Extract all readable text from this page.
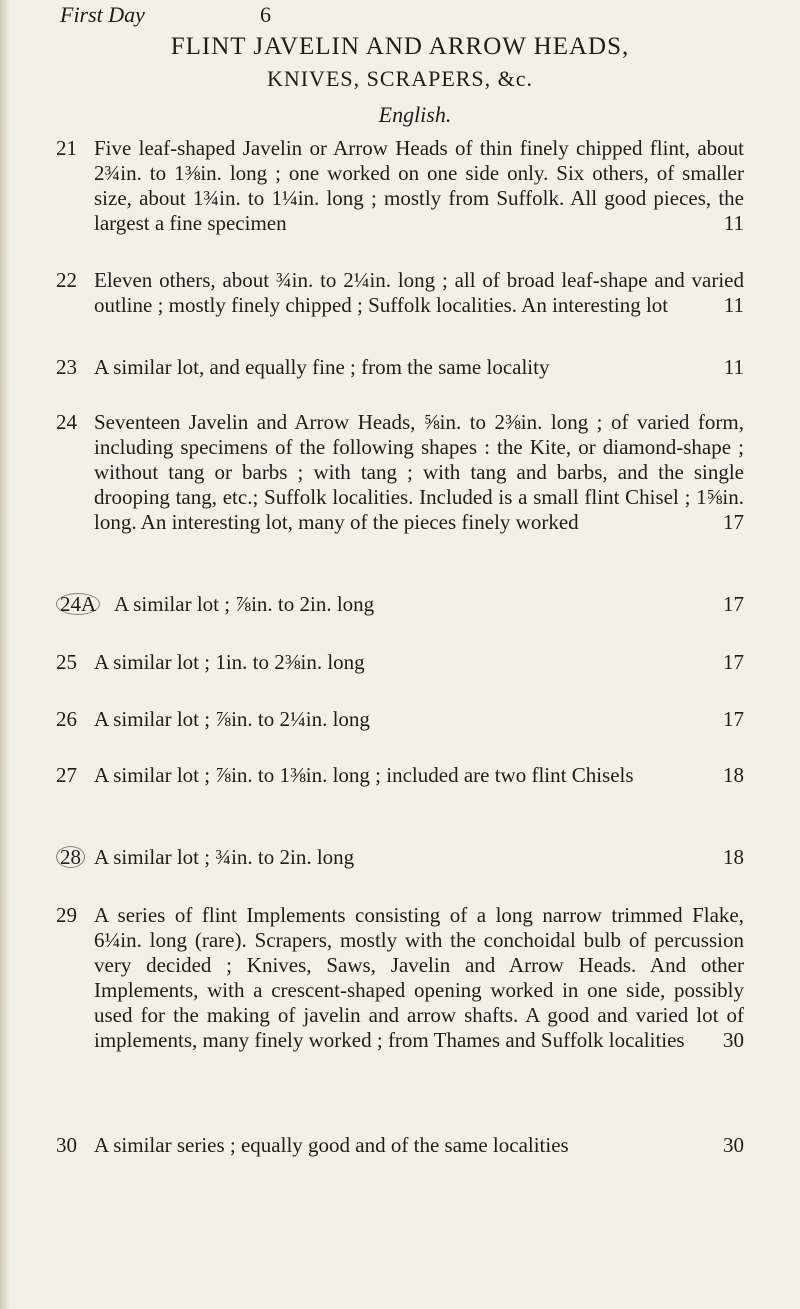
First Day	6
FLINT JAVELIN AND ARROW HEADS,
KNIVES, SCRAPERS, &c.
English.
21 Five leaf-shaped Javelin or Arrow Heads of thin finely chipped flint, about 2¾in. to 1⅜in. long ; one worked on one side only. Six others, of smaller size, about 1¾in. to 1¼in. long ; mostly from Suffolk. All good pieces, the largest a fine specimen	11
22 Eleven others, about ¾in. to 2¼in. long ; all of broad leaf-shape and varied outline ; mostly finely chipped ; Suffolk localities. An interesting lot	11
23 A similar lot, and equally fine ; from the same locality	11
24 Seventeen Javelin and Arrow Heads, ⅝in. to 2⅜in. long ; of varied form, including specimens of the following shapes : the Kite, or diamond-shape ; without tang or barbs ; with tang ; with tang and barbs, and the single drooping tang, etc.; Suffolk localities. Included is a small flint Chisel ; 1⅝in. long. An interesting lot, many of the pieces finely worked	17
24A A similar lot ; ⅞in. to 2in. long	17
25 A similar lot ; 1in. to 2⅜in. long	17
26 A similar lot ; ⅞in. to 2¼in. long	17
27 A similar lot ; ⅞in. to 1⅜in. long ; included are two flint Chisels	18
28 A similar lot ; ¾in. to 2in. long	18
29 A series of flint Implements consisting of a long narrow trimmed Flake, 6¼in. long (rare). Scrapers, mostly with the conchoidal bulb of percussion very decided ; Knives, Saws, Javelin and Arrow Heads. And other Implements, with a crescent-shaped opening worked in one side, possibly used for the making of javelin and arrow shafts. A good and varied lot of implements, many finely worked ; from Thames and Suffolk localities 30
30 A similar series ; equally good and of the same localities	30
